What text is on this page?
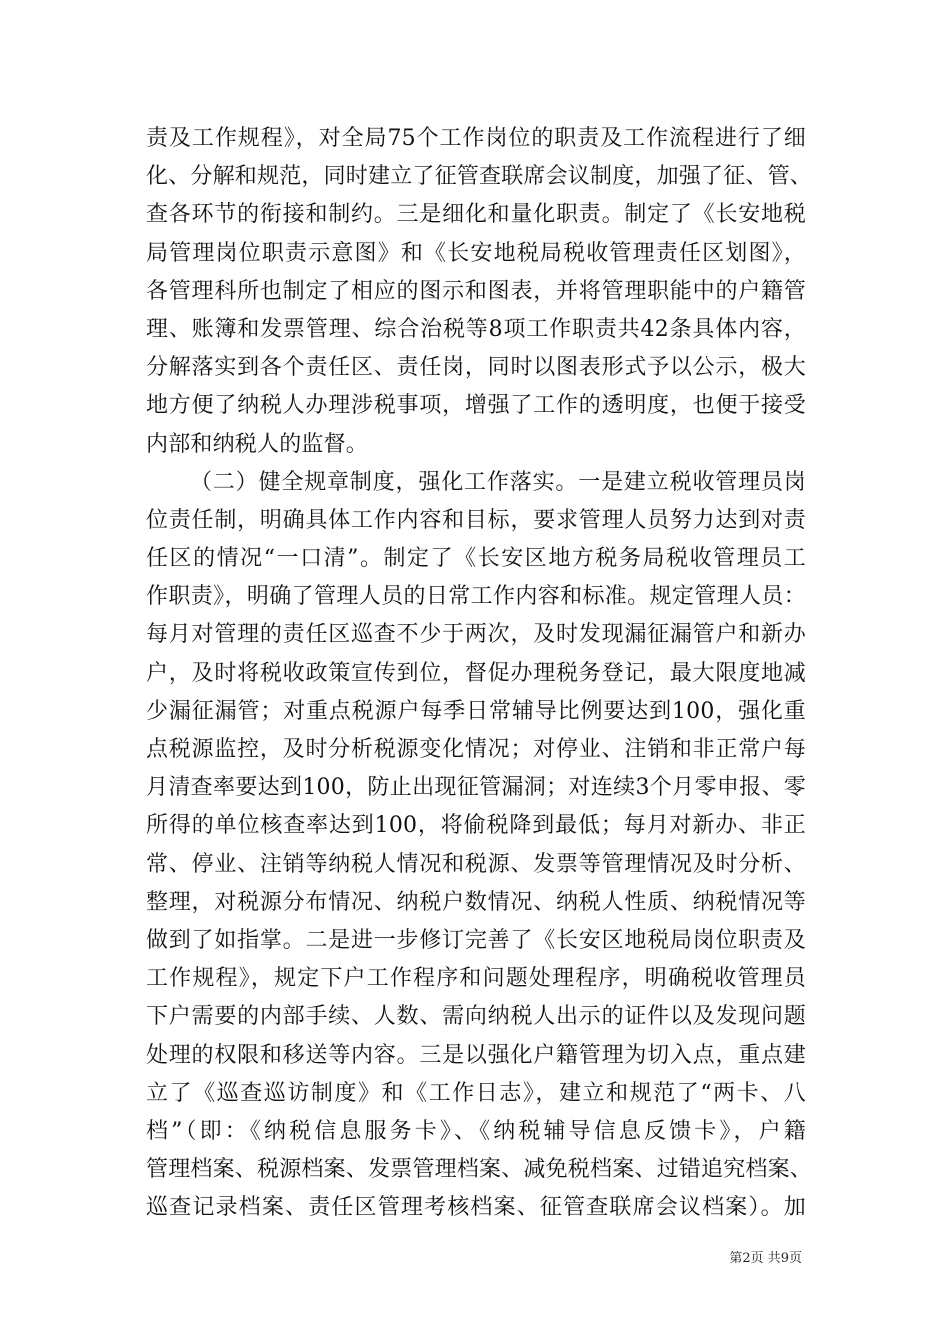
责及工作规程》，对全局75个工作岗位的职责及工作流程进行了细
化、分解和规范，同时建立了征管查联席会议制度，加强了征、管、
查各环节的衔接和制约。三是细化和量化职责。制定了《长安地税
局管理岗位职责示意图》和《长安地税局税收管理责任区划图》，
各管理科所也制定了相应的图示和图表，并将管理职能中的户籍管
理、账簿和发票管理、综合治税等8项工作职责共42条具体内容，
分解落实到各个责任区、责任岗，同时以图表形式予以公示，极大
地方便了纳税人办理涉税事项，增强了工作的透明度，也便于接受
内部和纳税人的监督。
（二）健全规章制度，强化工作落实。一是建立税收管理员岗
位责任制，明确具体工作内容和目标，要求管理人员努力达到对责
任区的情况“一口清”。制定了《长安区地方税务局税收管理员工
作职责》，明确了管理人员的日常工作内容和标准。规定管理人员：
每月对管理的责任区巡查不少于两次，及时发现漏征漏管户和新办
户，及时将税收政策宣传到位，督促办理税务登记，最大限度地减
少漏征漏管；对重点税源户每季日常辅导比例要达到100，强化重
点税源监控，及时分析税源变化情况；对停业、注销和非正常户每
月清查率要达到100，防止出现征管漏洞；对连续3个月零申报、零
所得的单位核查率达到100，将偷税降到最低；每月对新办、非正
常、停业、注销等纳税人情况和税源、发票等管理情况及时分析、
整理，对税源分布情况、纳税户数情况、纳税人性质、纳税情况等
做到了如指掌。二是进一步修订完善了《长安区地税局岗位职责及
工作规程》，规定下户工作程序和问题处理程序，明确税收管理员
下户需要的内部手续、人数、需向纳税人出示的证件以及发现问题
处理的权限和移送等内容。三是以强化户籍管理为切入点，重点建
立了《巡查巡访制度》和《工作日志》，建立和规范了“两卡、八
档”（即：《纳税信息服务卡》、《纳税辅导信息反馈卡》，户籍
管理档案、税源档案、发票管理档案、减免税档案、过错追究档案、
巡查记录档案、责任区管理考核档案、征管查联席会议档案）。加
第2页 共9页
